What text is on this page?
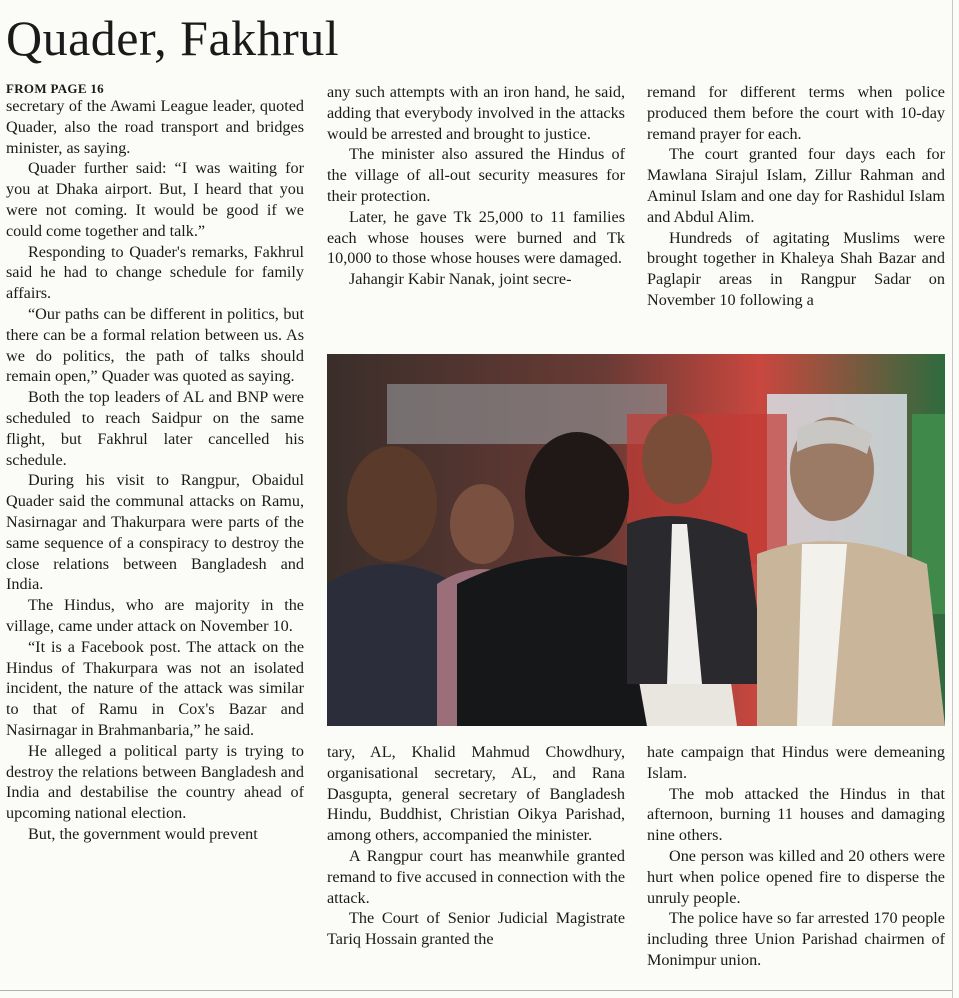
Quader, Fakhrul
FROM PAGE 16

secretary of the Awami League leader, quoted Quader, also the road transport and bridges minister, as saying.

Quader further said: “I was waiting for you at Dhaka airport. But, I heard that you were not coming. It would be good if we could come together and talk.”

Responding to Quader's remarks, Fakhrul said he had to change schedule for family affairs.

“Our paths can be different in politics, but there can be a formal relation between us. As we do politics, the path of talks should remain open,” Quader was quoted as saying.

Both the top leaders of AL and BNP were scheduled to reach Saidpur on the same flight, but Fakhrul later cancelled his schedule.

During his visit to Rangpur, Obaidul Quader said the communal attacks on Ramu, Nasirnagar and Thakurpara were parts of the same sequence of a conspiracy to destroy the close relations between Bangladesh and India.

The Hindus, who are majority in the village, came under attack on November 10.

“It is a Facebook post. The attack on the Hindus of Thakurpara was not an isolated incident, the nature of the attack was similar to that of Ramu in Cox's Bazar and Nasirnagar in Brahmanbaria,” he said.

He alleged a political party is trying to destroy the relations between Bangladesh and India and destabilise the country ahead of upcoming national election.

But, the government would prevent

any such attempts with an iron hand, he said, adding that everybody involved in the attacks would be arrested and brought to justice.

The minister also assured the Hindus of the village of all-out security measures for their protection.

Later, he gave Tk 25,000 to 11 families each whose houses were burned and Tk 10,000 to those whose houses were damaged.

Jahangir Kabir Nanak, joint secre-

remand for different terms when police produced them before the court with 10-day remand prayer for each.

The court granted four days each for Mawlana Sirajul Islam, Zillur Rahman and Aminul Islam and one day for Rashidul Islam and Abdul Alim.

Hundreds of agitating Muslims were brought together in Khaleya Shah Bazar and Paglapir areas in Rangpur Sadar on November 10 following a

tary, AL, Khalid Mahmud Chowdhury, organisational secretary, AL, and Rana Dasgupta, general secretary of Bangladesh Hindu, Buddhist, Christian Oikya Parishad, among others, accompanied the minister.

A Rangpur court has meanwhile granted remand to five accused in connection with the attack.

The Court of Senior Judicial Magistrate Tariq Hossain granted the

hate campaign that Hindus were demeaning Islam.

The mob attacked the Hindus in that afternoon, burning 11 houses and damaging nine others.

One person was killed and 20 others were hurt when police opened fire to disperse the unruly people.

The police have so far arrested 170 people including three Union Parishad chairmen of Monimpur union.
